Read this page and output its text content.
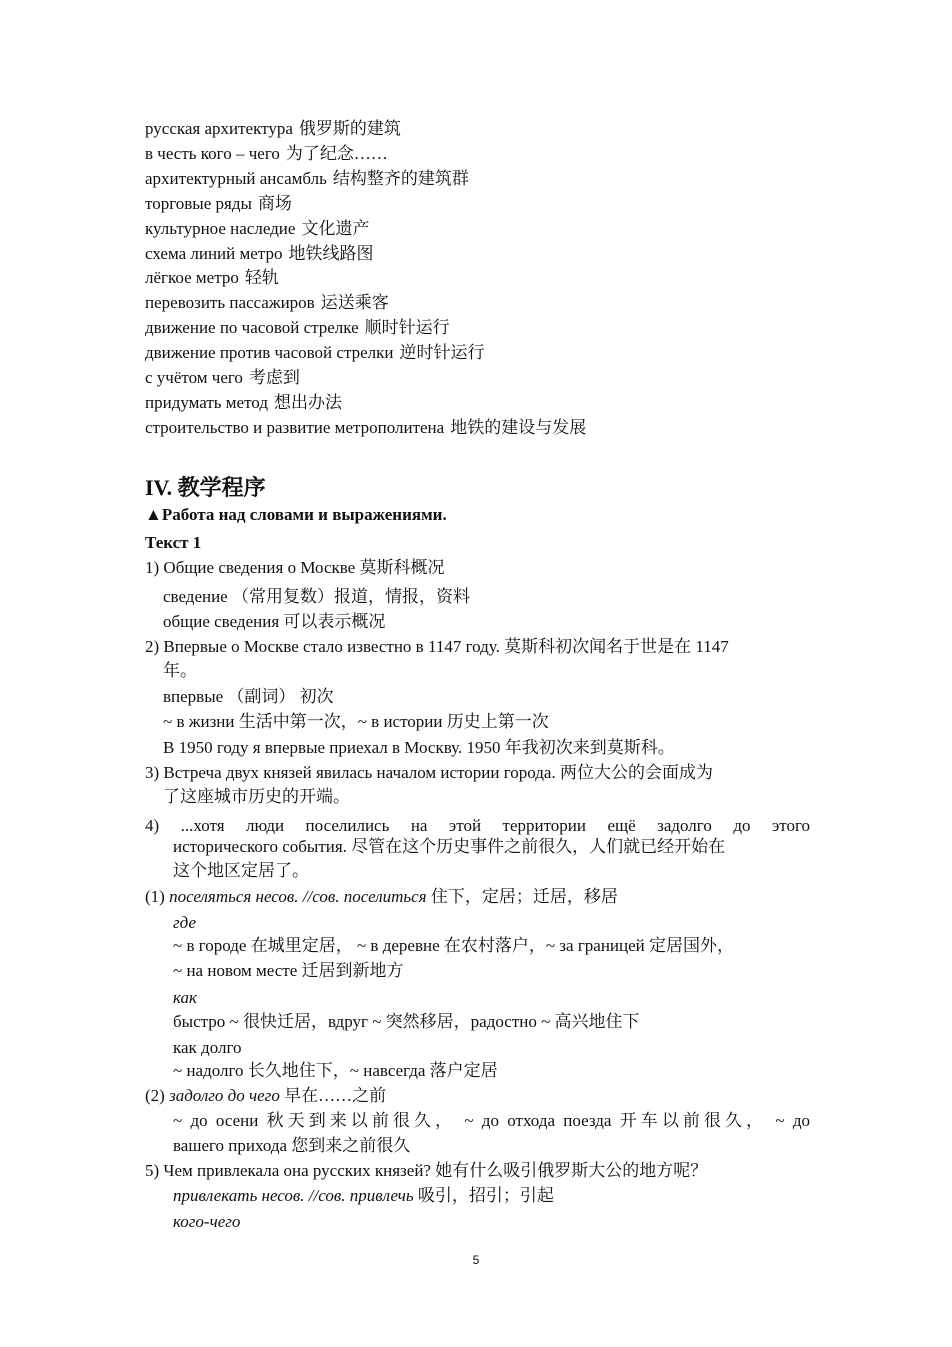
русская архитектура 俄罗斯的建筑
в честь кого – чего 为了纪念……
архитектурный ансамбль 结构整齐的建筑群
торговые ряды 商场
культурное наследие 文化遗产
схема линий метро 地铁线路图
лёгкое метро 轻轨
перевозить пассажиров 运送乘客
движение по часовой стрелке 顺时针运行
движение против часовой стрелки 逆时针运行
с учётом чего 考虑到
придумать метод 想出办法
строительство и развитие метрополитена 地铁的建设与发展
IV. 教学程序
▲Работа над словами и выражениями.
Текст 1
1) Общие сведения о Москве 莫斯科概况
сведение （常用复数）报道，情报，资料
общие сведения 可以表示概况
2) Впервые о Москве стало известно в 1147 году. 莫斯科初次闻名于世是在 1147
年。
впервые （副词） 初次
~ в жизни 生活中第一次，~ в истории 历史上第一次
В 1950 году я впервые приехал в Москву. 1950 年我初次来到莫斯科。
3) Встреча двух князей явилась началом истории города. 两位大公的会面成为
了这座城市历史的开端。
4) ...хотя люди поселились на этой территории ещё задолго до этого
исторического события. 尽管在这个历史事件之前很久，人们就已经开始在
这个地区定居了。
(1) поселяться несов. //сов. поселиться 住下，定居；迁居，移居
где
~ в городе 在城里定居， ~ в деревне 在农村落户，~ за границей 定居国外，
~ на новом месте 迁居到新地方
как
быстро ~ 很快迁居，вдруг ~ 突然移居，радостно ~ 高兴地住下
как долго
~ надолго 长久地住下，~ навсегда 落户定居
(2) задолго до чего 早在……之前
~ до осени 秋天到来以前很久， ~ до отхода поезда 开车以前很久， ~ до
вашего прихода 您到来之前很久
5) Чем привлекала она русских князей? 她有什么吸引俄罗斯大公的地方呢？
привлекать несов. //сов. привлечь 吸引，招引；引起
кого-чего
5
